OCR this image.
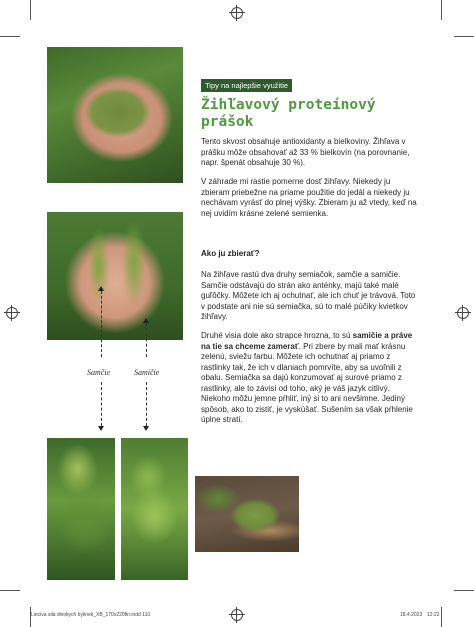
Samčie	Samičie
Tipy na najlepšie využitie
Žihľavový proteínový prášok

Tento skvost obsahuje antioxidanty a bielkoviny. Žihľava v prášku môže obsahovať až 33 % bielkovín (na porovnanie, napr. špenát obsahuje 30 %).

V záhrade mi rastie pomerne dosť žihľavy. Niekedy ju zbieram priebežne na priame použitie do jedál a niekedy ju nechávam vyrásť do plnej výšky. Zbieram ju až vtedy, keď na nej uvidím krásne zelené semienka.

Ako ju zbierať?

Na žihľave rastú dva druhy semiačok, samčie a samičie. Samčie odstávajú do strán ako anténky, majú také malé guľôčky. Môžete ich aj ochutnať, ale ich chuť je trávová. Toto v podstate ani nie sú semiačka, sú to malé púčiky kvietkov žihľavy.

Druhé visia dole ako strapce hrozna, to sú samičie a práve na tie sa chceme zamerať. Pri zbere by mali mať krásnu zelenú, sviežu farbu. Môžete ich ochutnať aj priamo z rastlinky tak, že ich v dlaniach pomrvíte, aby sa uvoľnili z obalu. Semiačka sa dajú konzumovať aj surové priamo z rastlinky, ale to závisí od toho, aký je váš jazyk citlivý. Niekoho môžu jemne pŕhliť, iný si to ani nevšimne. Jediný spôsob, ako to zistiť, je vyskúšať. Sušením sa však pŕhlenie úplne stratí.

Lieciva sila divokych bylinek_XB_170x220fin.indd 110	18.4.2023 12:22
